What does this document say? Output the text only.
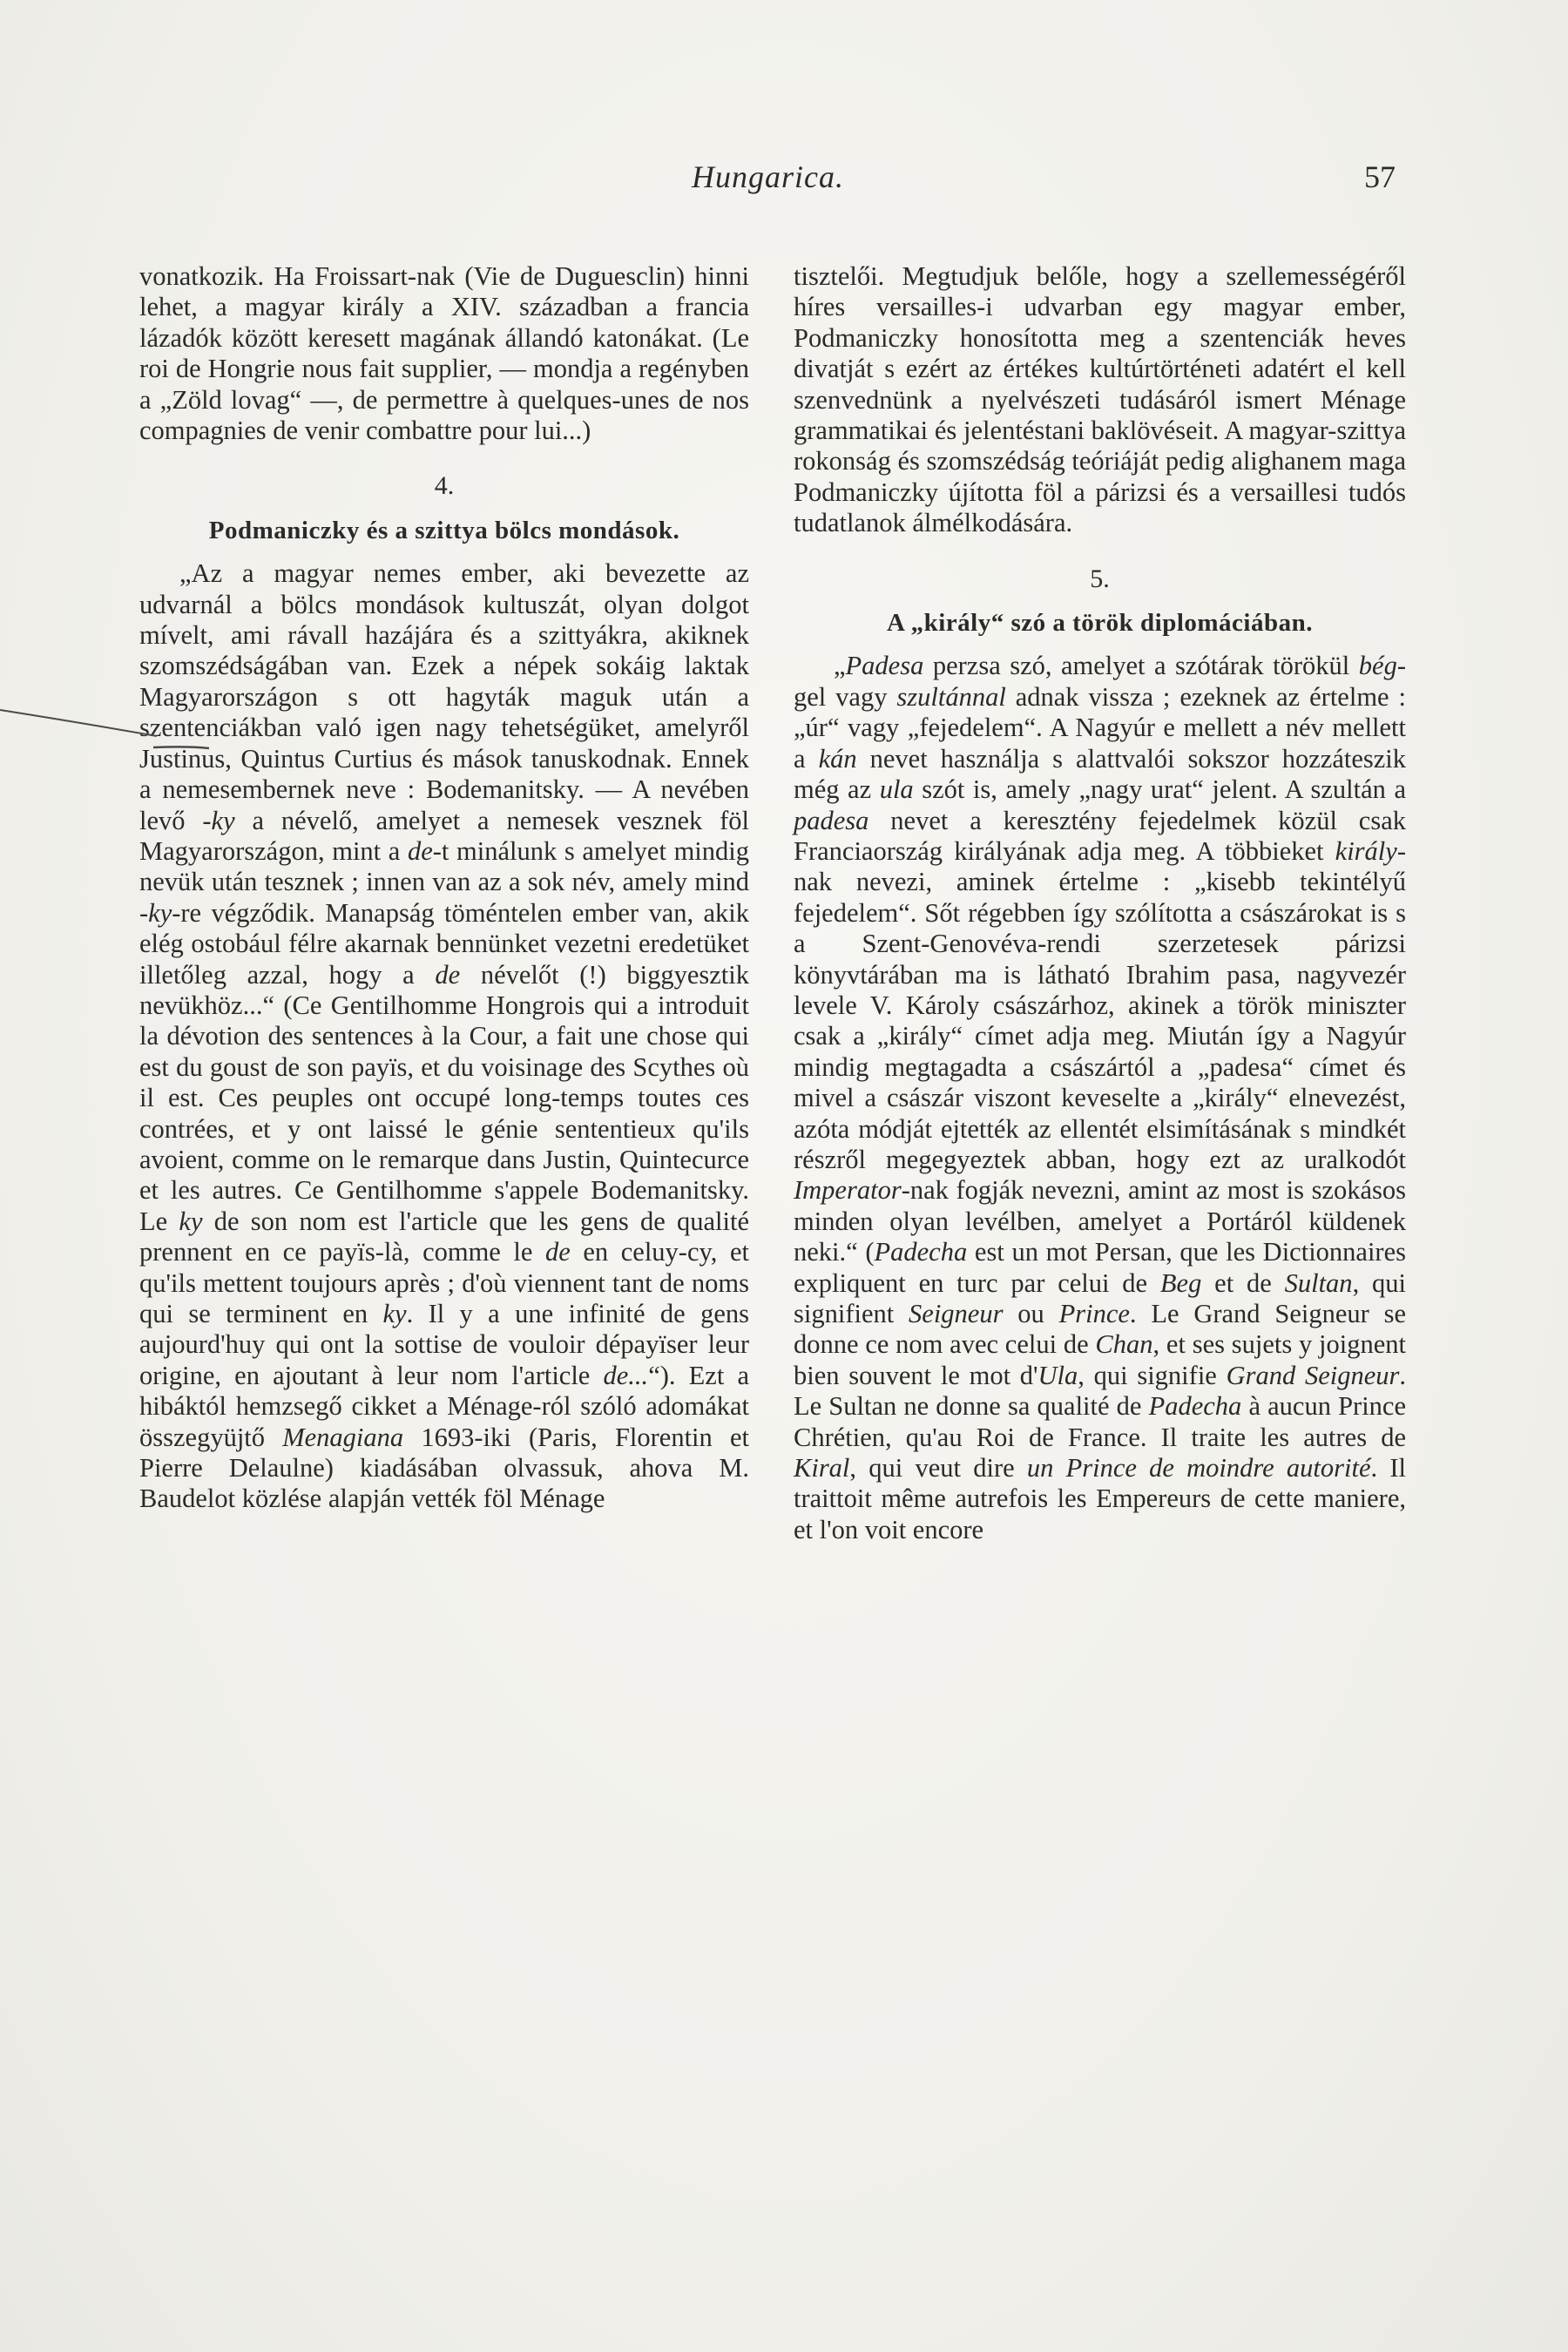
Hungarica.	57

vonatkozik. Ha Froissart-nak (Vie de Duguesclin) hinni lehet, a magyar király a XIV. században a francia lázadók között keresett magának állandó katonákat. (Le roi de Hongrie nous fait supplier, — mondja a regényben a „Zöld lovag“ —, de permettre à quelques-unes de nos compagnies de venir combattre pour lui...)

4.
Podmaniczky és a szittya bölcs mondások.

„Az a magyar nemes ember, aki bevezette az udvarnál a bölcs mondások kultuszát, olyan dolgot mívelt, ami rávall hazájára és a szittyákra, akiknek szomszédságában van. Ezek a népek sokáig laktak Magyarországon s ott hagyták maguk után a szentenciákban való igen nagy tehetségüket, amelyről Justinus, Quintus Curtius és mások tanuskodnak. Ennek a nemesembernek neve : Bodemanitsky. — A nevében levő -ky a névelő, amelyet a nemesek vesznek föl Magyarországon, mint a de-t minálunk s amelyet mindig nevük után tesznek ; innen van az a sok név, amely mind -ky-re végződik. Manapság töméntelen ember van, akik elég ostobául félre akarnak bennünket vezetni eredetüket illetőleg azzal, hogy a de névelőt (!) biggyesztik nevükhöz...“ (Ce Gentilhomme Hongrois qui a introduit la dévotion des sentences à la Cour, a fait une chose qui est du goust de son payïs, et du voisinage des Scythes où il est. Ces peuples ont occupé long-temps toutes ces contrées, et y ont laissé le génie sententieux qu'ils avoient, comme on le remarque dans Justin, Quintecurce et les autres. Ce Gentilhomme s'appele Bodemanitsky. Le ky de son nom est l'article que les gens de qualité prennent en ce payïs-là, comme le de en celuy-cy, et qu'ils mettent toujours après ; d'où viennent tant de noms qui se terminent en ky. Il y a une infinité de gens aujourd'huy qui ont la sottise de vouloir dépayïser leur origine, en ajoutant à leur nom l'article de...“). Ezt a hibáktól hemzsegő cikket a Ménage-ról szóló adomákat összegyüjtő Menagiana 1693-iki (Paris, Florentin et Pierre Delaulne) kiadásában olvassuk, ahova M. Baudelot közlése alapján vették föl Ménage

tisztelői. Megtudjuk belőle, hogy a szellemességéről híres versailles-i udvarban egy magyar ember, Podmaniczky honosította meg a szentenciák heves divatját s ezért az értékes kultúrtörténeti adatért el kell szenvednünk a nyelvészeti tudásáról ismert Ménage grammatikai és jelentéstani baklövéseit. A magyar-szittya rokonság és szomszédság teóriáját pedig alighanem maga Podmaniczky újította föl a párizsi és a versaillesi tudós tudatlanok álmélkodására.

5.
A „király“ szó a török diplomáciában.

„Padesa perzsa szó, amelyet a szótárak törökül bég-gel vagy szultánnal adnak vissza ; ezeknek az értelme : „úr“ vagy „fejedelem“. A Nagyúr e mellett a név mellett a kán nevet használja s alattvalói sokszor hozzáteszik még az ula szót is, amely „nagy urat“ jelent. A szultán a padesa nevet a keresztény fejedelmek közül csak Franciaország királyának adja meg. A többieket király-nak nevezi, aminek értelme : „kisebb tekintélyű fejedelem“. Sőt régebben így szólította a császárokat is s a Szent-Genovéva-rendi szerzetesek párizsi könyvtárában ma is látható Ibrahim pasa, nagyvezér levele V. Károly császárhoz, akinek a török miniszter csak a „király“ címet adja meg. Miután így a Nagyúr mindig megtagadta a császártól a „padesa“ címet és mivel a császár viszont keveselte a „király“ elnevezést, azóta módját ejtették az ellentét elsimításának s mindkét részről megegyeztek abban, hogy ezt az uralkodót Imperator-nak fogják nevezni, amint az most is szokásos minden olyan levélben, amelyet a Portáról küldenek neki.“ (Padecha est un mot Persan, que les Dictionnaires expliquent en turc par celui de Beg et de Sultan, qui signifient Seigneur ou Prince. Le Grand Seigneur se donne ce nom avec celui de Chan, et ses sujets y joignent bien souvent le mot d'Ula, qui signifie Grand Seigneur. Le Sultan ne donne sa qualité de Padecha à aucun Prince Chrétien, qu'au Roi de France. Il traite les autres de Kiral, qui veut dire un Prince de moindre autorité. Il traittoit même autrefois les Empereurs de cette maniere, et l'on voit encore
